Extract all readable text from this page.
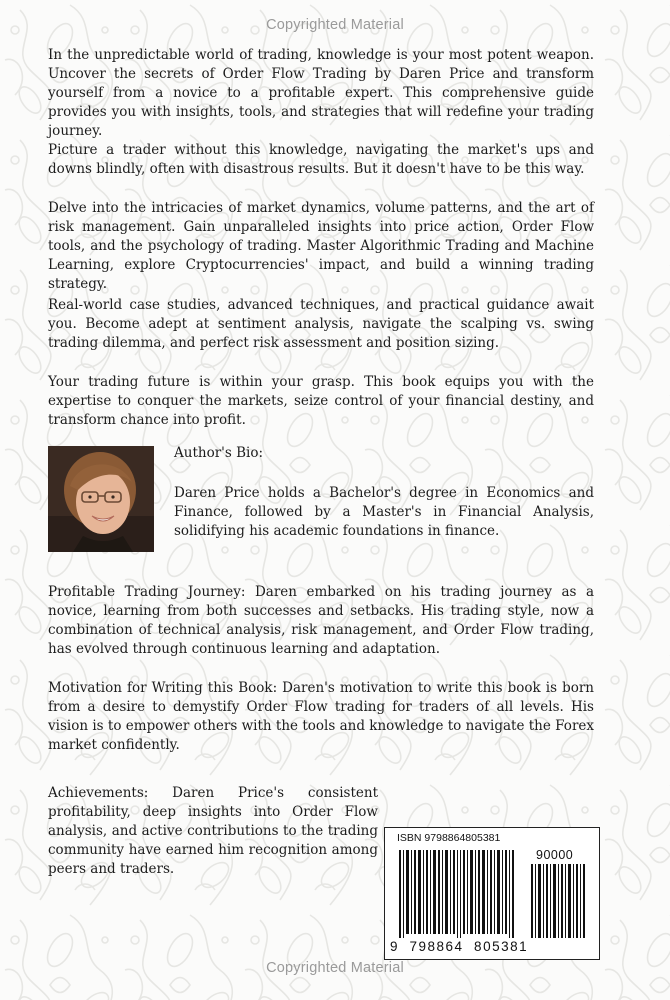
Copyrighted Material

In the unpredictable world of trading, knowledge is your most potent weapon. Uncover the secrets of Order Flow Trading by Daren Price and transform yourself from a novice to a profitable expert. This comprehensive guide provides you with insights, tools, and strategies that will redefine your trading journey.

Picture a trader without this knowledge, navigating the market's ups and downs blindly, often with disastrous results. But it doesn't have to be this way.

Delve into the intricacies of market dynamics, volume patterns, and the art of risk management. Gain unparalleled insights into price action, Order Flow tools, and the psychology of trading. Master Algorithmic Trading and Machine Learning, explore Cryptocurrencies' impact, and build a winning trading strategy.

Real-world case studies, advanced techniques, and practical guidance await you. Become adept at sentiment analysis, navigate the scalping vs. swing trading dilemma, and perfect risk assessment and position sizing.

Your trading future is within your grasp. This book equips you with the expertise to conquer the markets, seize control of your financial destiny, and transform chance into profit.

Author's Bio:

Daren Price holds a Bachelor's degree in Economics and Finance, followed by a Master's in Financial Analysis, solidifying his academic foundations in finance.

Profitable Trading Journey: Daren embarked on his trading journey as a novice, learning from both successes and setbacks. His trading style, now a combination of technical analysis, risk management, and Order Flow trading, has evolved through continuous learning and adaptation.

Motivation for Writing this Book: Daren's motivation to write this book is born from a desire to demystify Order Flow trading for traders of all levels. His vision is to empower others with the tools and knowledge to navigate the Forex market confidently.

Achievements: Daren Price's consistent profitability, deep insights into Order Flow analysis, and active contributions to the trading community have earned him recognition among peers and traders.

ISBN 9798864805381
90000
9  798864  805381
Copyrighted Material
